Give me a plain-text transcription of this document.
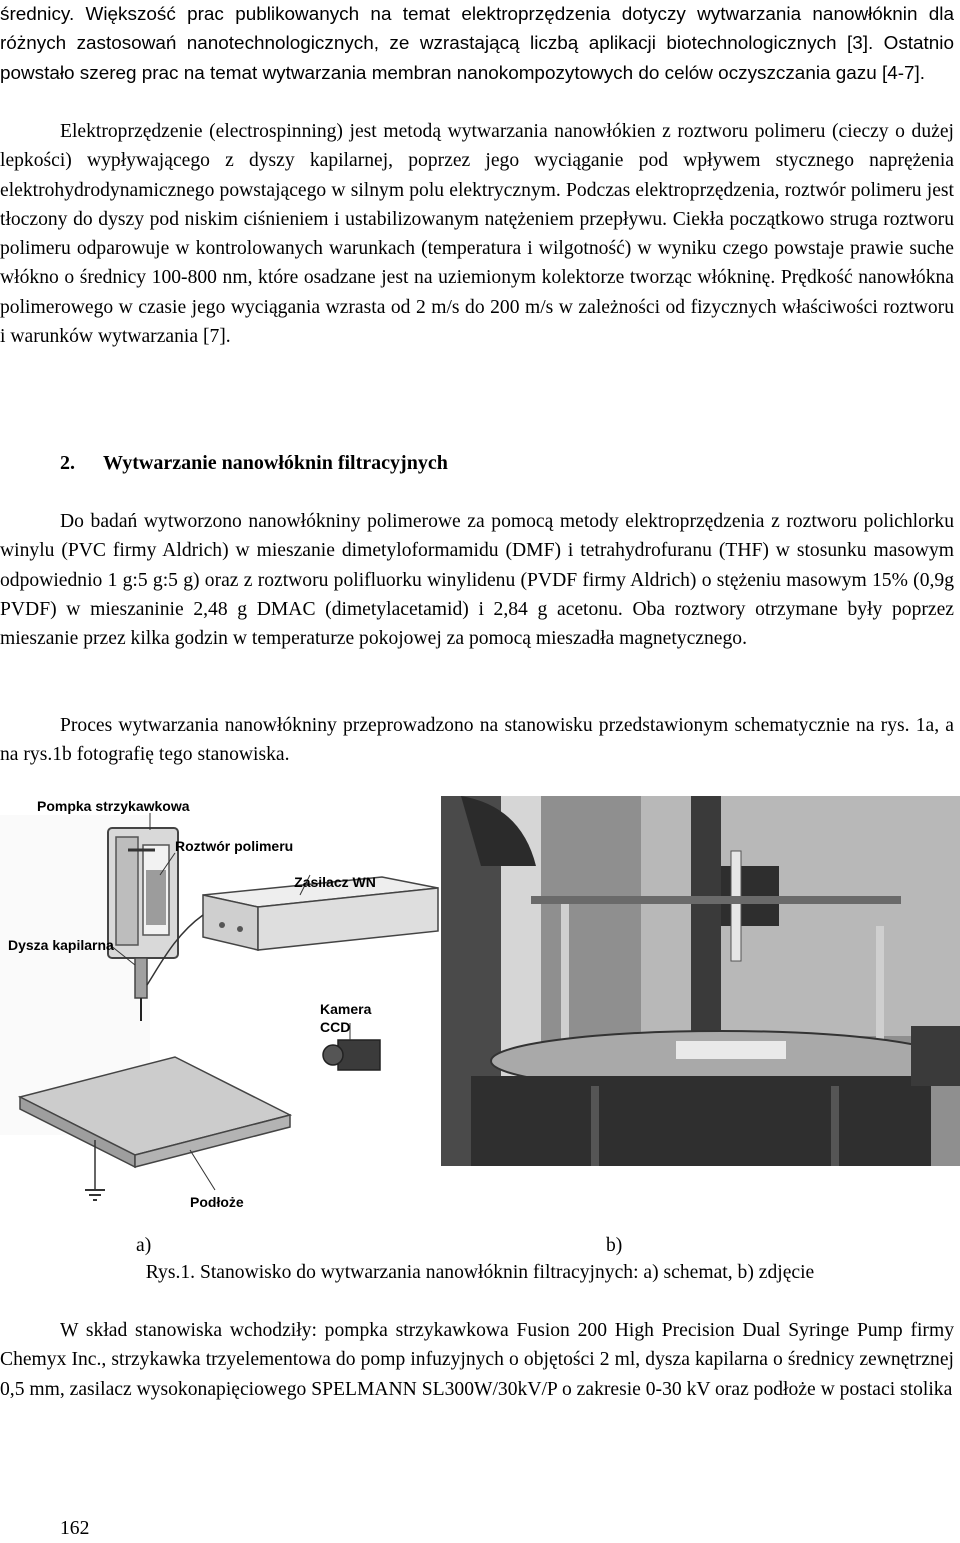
średnicy. Większość prac publikowanych na temat elektroprzędzenia dotyczy wytwarzania nanowłóknin dla różnych zastosowań nanotechnologicznych, ze wzrastającą liczbą aplikacji biotechnologicznych [3]. Ostatnio powstało szereg prac na temat wytwarzania membran nanokompozytowych do celów oczyszczania gazu [4-7].

Elektroprzędzenie (electrospinning) jest metodą wytwarzania nanowłókien z roztworu polimeru (cieczy o dużej lepkości) wypływającego z dyszy kapilarnej, poprzez jego wyciąganie pod wpływem stycznego naprężenia elektrohydrodynamicznego powstającego w silnym polu elektrycznym. Podczas elektroprzędzenia, roztwór polimeru jest tłoczony do dyszy pod niskim ciśnieniem i ustabilizowanym natężeniem przepływu. Ciekła początkowo struga roztworu polimeru odparowuje w kontrolowanych warunkach (temperatura i wilgotność) w wyniku czego powstaje prawie suche włókno o średnicy 100-800 nm, które osadzane jest na uziemionym kolektorze tworząc włókninę. Prędkość nanowłókna polimerowego w czasie jego wyciągania wzrasta od 2 m/s do 200 m/s w zależności od fizycznych właściwości roztworu i warunków wytwarzania [7].

2. Wytwarzanie nanowłóknin filtracyjnych

Do badań wytworzono nanowłókniny polimerowe za pomocą metody elektroprzędzenia z roztworu polichlorku winylu (PVC firmy Aldrich) w mieszanie dimetyloformamidu (DMF) i tetrahydrofuranu (THF) w stosunku masowym odpowiednio 1 g:5 g:5 g) oraz z roztworu polifluorku winylidenu (PVDF firmy Aldrich) o stężeniu masowym 15% (0,9g PVDF) w mieszaninie 2,48 g DMAC (dimetylacetamid) i 2,84 g acetonu. Oba roztwory otrzymane były poprzez mieszanie przez kilka godzin w temperaturze pokojowej za pomocą mieszadła magnetycznego.

Proces wytwarzania nanowłókniny przeprowadzono na stanowisku przedstawionym schematycznie na rys. 1a, a na rys.1b fotografię tego stanowiska.

Pompka strzykawkowa
Roztwór polimeru
Zasilacz WN
Dysza kapilarna
Kamera
CCD
Podłoże
a)	b)
Rys.1. Stanowisko do wytwarzania nanowłóknin filtracyjnych: a) schemat, b) zdjęcie

W skład stanowiska wchodziły: pompka strzykawkowa Fusion 200 High Precision Dual Syringe Pump firmy Chemyx Inc., strzykawka trzyelementowa do pomp infuzyjnych o objętości 2 ml, dysza kapilarna o średnicy zewnętrznej 0,5 mm, zasilacz wysokonapięciowego SPELMANN SL300W/30kV/P o zakresie 0-30 kV oraz podłoże w postaci stolika

162
